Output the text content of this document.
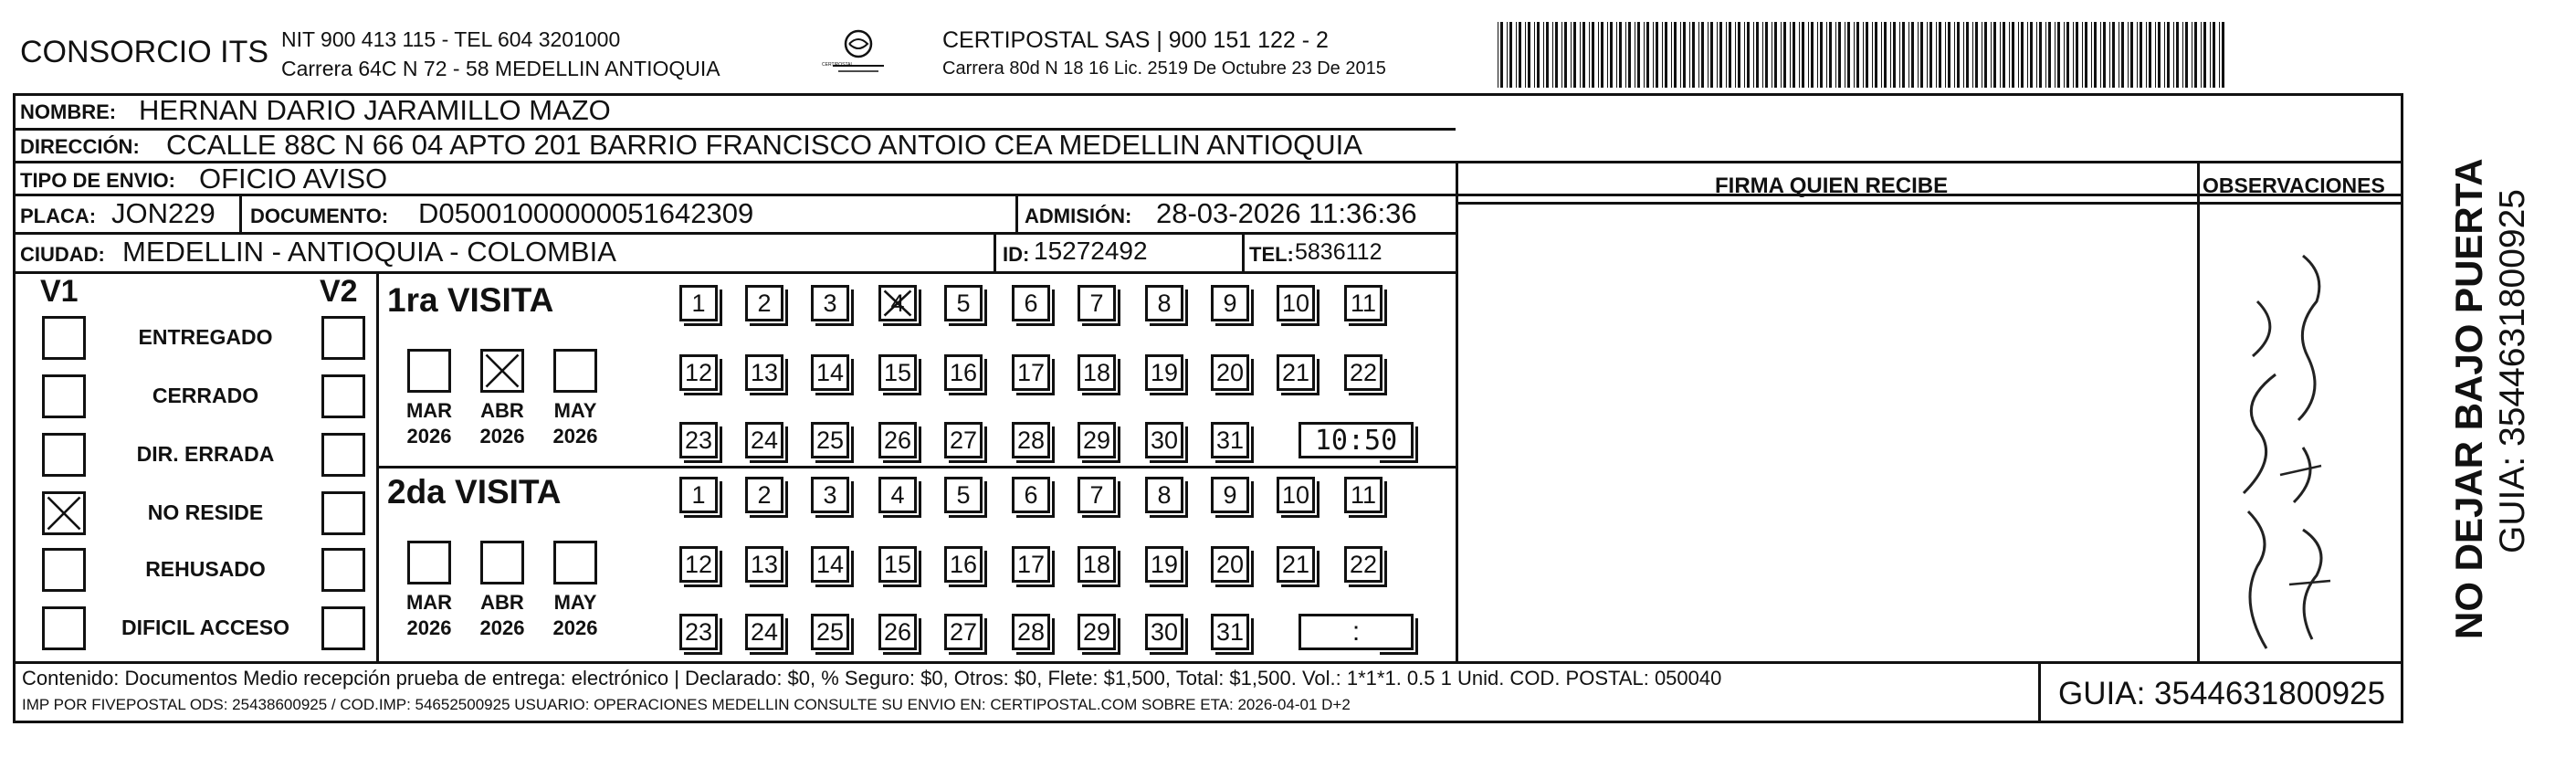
CONSORCIO ITS NIT 900 413 115 - TEL 604 3201000
Carrera 64C N 72 - 58 MEDELLIN ANTIOQUIA	CERTIPOSTAL
CERTIPOSTAL SAS | 900 151 122 - 2
Carrera 80d N 18 16 Lic. 2519 De Octubre 23 De 2015
NOMBRE: HERNAN DARIO JARAMILLO MAZO
DIRECCIÓN: CCALLE 88C N 66 04 APTO 201 BARRIO FRANCISCO ANTOIO CEA MEDELLIN ANTIOQUIA
TIPO DE ENVIO: OFICIO AVISO
PLACA: JON229 DOCUMENTO: D05001000000051642309	ADMISIÓN: 28-03-2026 11:36:36
CIUDAD: MEDELLIN - ANTIOQUIA - COLOMBIA	ID: 15272492	TEL: 5836112
FIRMA QUIEN RECIBE	OBSERVACIONES
V1	V2
ENTREGADO
CERRADO
DIR. ERRADA
NO RESIDE
REHUSADO
DIFICIL ACCESO
1ra VISITA
2da VISITA
MAR
2026
ABR
2026
MAY
2026
1 2 3 4 5 6 7 8 9 10 11
12 13 14 15 16 17 18 19 20 21 22
23 24 25 26 27 28 29 30 31	10:50
MAR
2026
ABR
2026
MAY
2026
1 2 3 4 5 6 7 8 9 10 11
12 13 14 15 16 17 18 19 20 21 22
23 24 25 26 27 28 29 30 31	:	NO DEJAR BAJO PUERTA GUIA: 3544631800925
Contenido: Documentos Medio recepción prueba de entrega: electrónico | Declarado: $0, % Seguro: $0, Otros: $0, Flete: $1,500, Total: $1,500. Vol.: 1*1*1. 0.5 1 Unid. COD. POSTAL: 050040
IMP POR FIVEPOSTAL ODS: 25438600925 / COD.IMP: 54652500925 USUARIO: OPERACIONES MEDELLIN CONSULTE SU ENVIO EN: CERTIPOSTAL.COM SOBRE ETA: 2026-04-01 D+2	GUIA: 3544631800925
